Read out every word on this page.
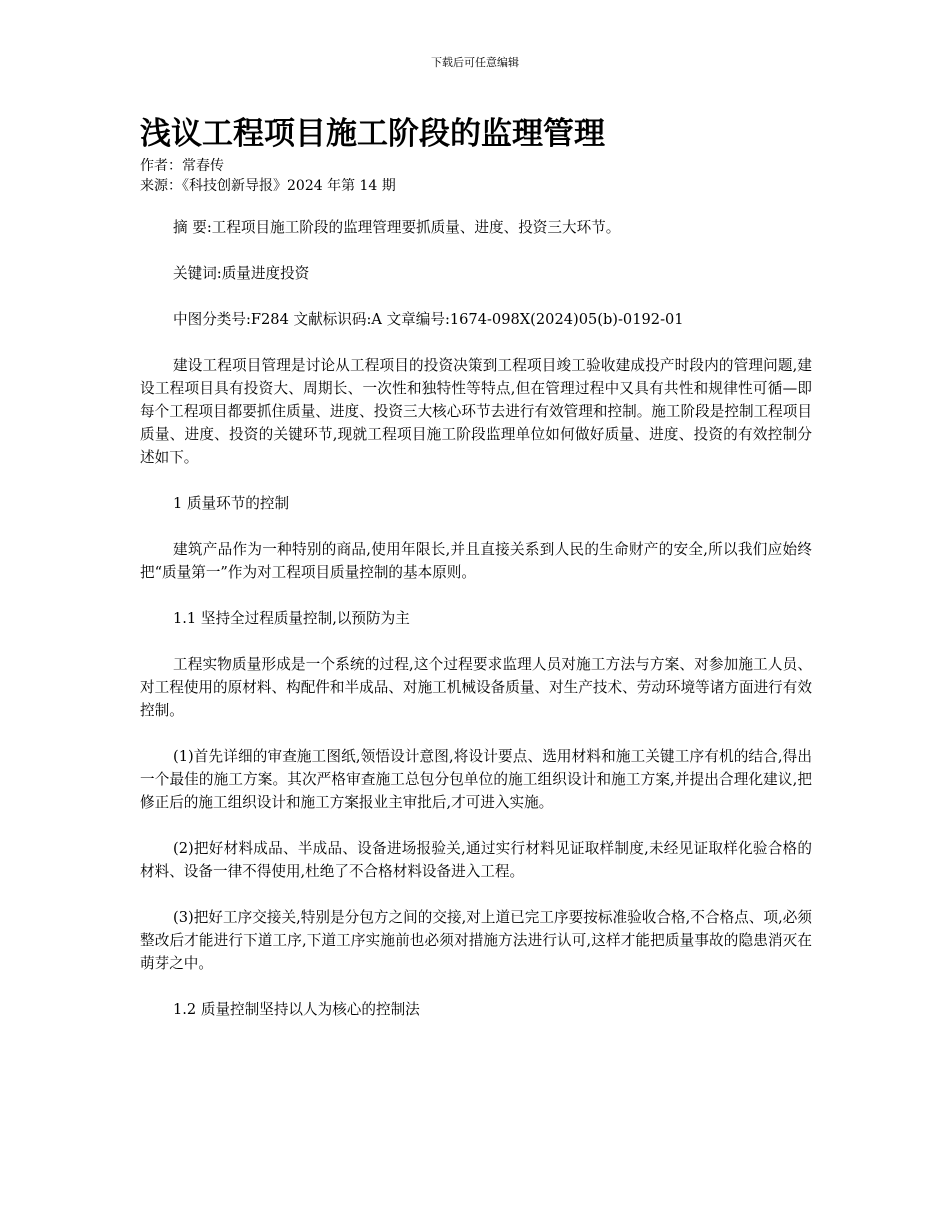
下载后可任意编辑
浅议工程项目施工阶段的监理管理

作者：常春传

来源：《科技创新导报》2024 年第 14 期

摘 要:工程项目施工阶段的监理管理要抓质量、进度、投资三大环节。

关键词:质量进度投资

中图分类号:F284 文献标识码:A 文章编号:1674-098X(2024)05(b)-0192-01

建设工程项目管理是讨论从工程项目的投资决策到工程项目竣工验收建成投产时段内的管理问题,建设工程项目具有投资大、周期长、一次性和独特性等特点,但在管理过程中又具有共性和规律性可循—即每个工程项目都要抓住质量、进度、投资三大核心环节去进行有效管理和控制。施工阶段是控制工程项目质量、进度、投资的关键环节,现就工程项目施工阶段监理单位如何做好质量、进度、投资的有效控制分述如下。

1 质量环节的控制

建筑产品作为一种特别的商品,使用年限长,并且直接关系到人民的生命财产的安全,所以我们应始终把“质量第一”作为对工程项目质量控制的基本原则。

1.1 坚持全过程质量控制,以预防为主

工程实物质量形成是一个系统的过程,这个过程要求监理人员对施工方法与方案、对参加施工人员、对工程使用的原材料、构配件和半成品、对施工机械设备质量、对生产技术、劳动环境等诸方面进行有效控制。

(1)首先详细的审查施工图纸,领悟设计意图,将设计要点、选用材料和施工关键工序有机的结合,得出一个最佳的施工方案。其次严格审查施工总包分包单位的施工组织设计和施工方案,并提出合理化建议,把修正后的施工组织设计和施工方案报业主审批后,才可进入实施。

(2)把好材料成品、半成品、设备进场报验关,通过实行材料见证取样制度,未经见证取样化验合格的材料、设备一律不得使用,杜绝了不合格材料设备进入工程。

(3)把好工序交接关,特别是分包方之间的交接,对上道已完工序要按标准验收合格,不合格点、项,必须整改后才能进行下道工序,下道工序实施前也必须对措施方法进行认可,这样才能把质量事故的隐患消灭在萌芽之中。

1.2 质量控制坚持以人为核心的控制法
